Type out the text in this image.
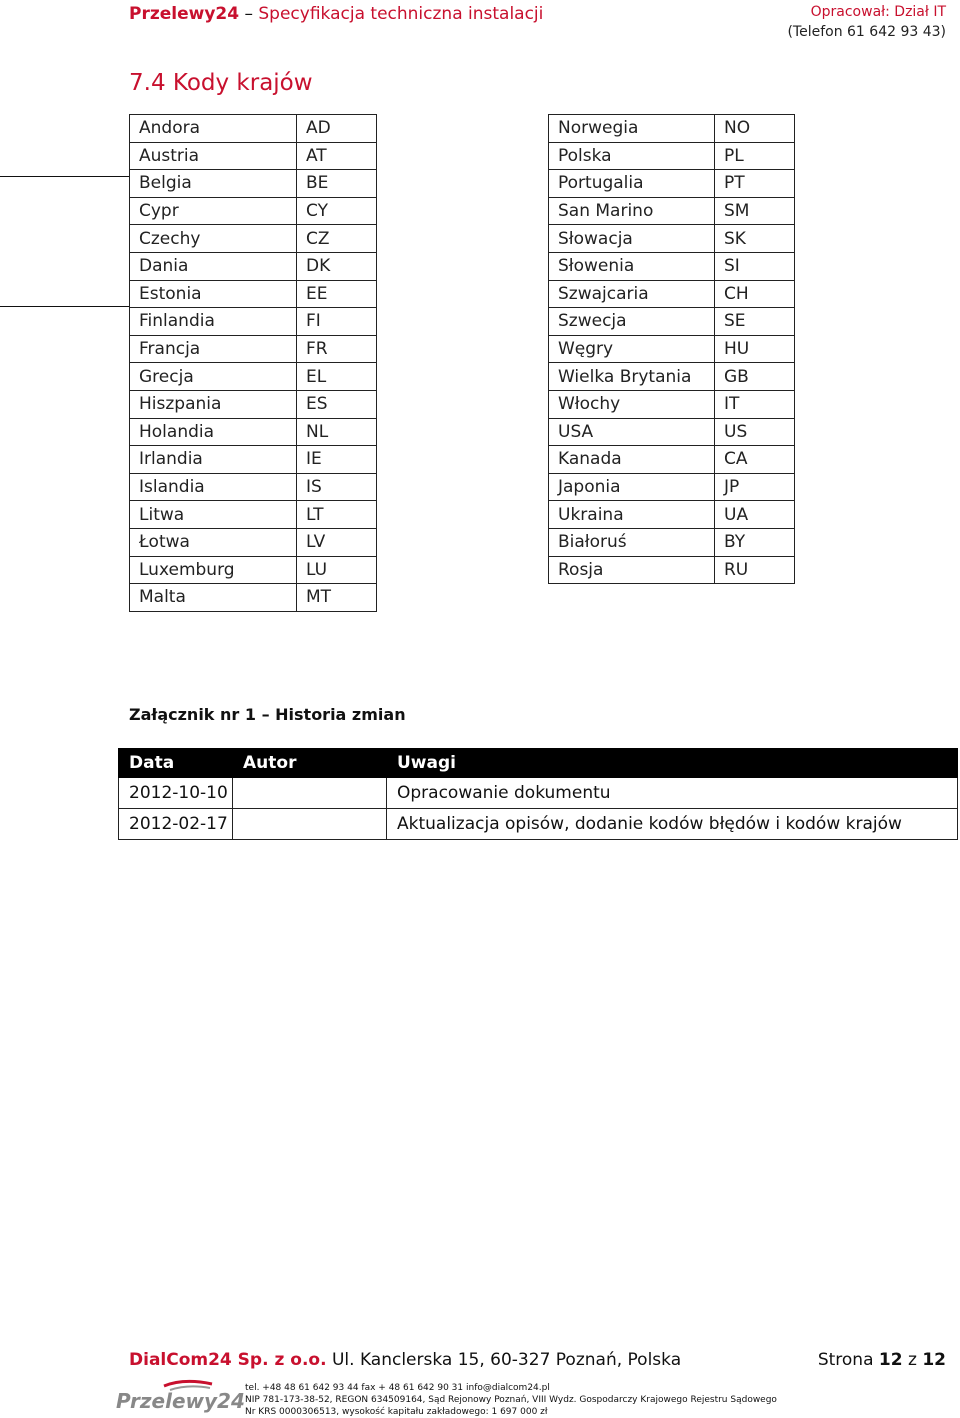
Przelewy24 – Specyfikacja techniczna instalacji	Opracował: Dział IT
(Telefon 61 642 93 43)
7.4 Kody krajów
Andora	AD
Austria	AT
Belgia	BE
Cypr	CY
Czechy	CZ
Dania	DK
Estonia	EE
Finlandia	FI
Francja	FR
Grecja	EL
Hiszpania	ES
Holandia	NL
Irlandia	IE
Islandia	IS
Litwa	LT
Łotwa	LV
Luxemburg	LU
Malta	MT
Norwegia	NO
Polska	PL
Portugalia	PT
San Marino	SM
Słowacja	SK
Słowenia	SI
Szwajcaria	CH
Szwecja	SE
Węgry	HU
Wielka Brytania	GB
Włochy	IT
USA	US
Kanada	CA
Japonia	JP
Ukraina	UA
Białoruś	BY
Rosja	RU
Załącznik nr 1 – Historia zmian
Data	Autor	Uwagi
2012-10-10		Opracowanie dokumentu
2012-02-17		Aktualizacja opisów, dodanie kodów błędów i kodów krajów
DialCom24 Sp. z o.o. Ul. Kanclerska 15, 60-327 Poznań, Polska	Strona 12 z 12
Przelewy24
tel. +48 48 61 642 93 44 fax + 48 61 642 90 31 info@dialcom24.pl
NIP 781-173-38-52, REGON 634509164, Sąd Rejonowy Poznań, VIII Wydz. Gospodarczy Krajowego Rejestru Sądowego
Nr KRS 0000306513, wysokość kapitału zakładowego: 1 697 000 zł
